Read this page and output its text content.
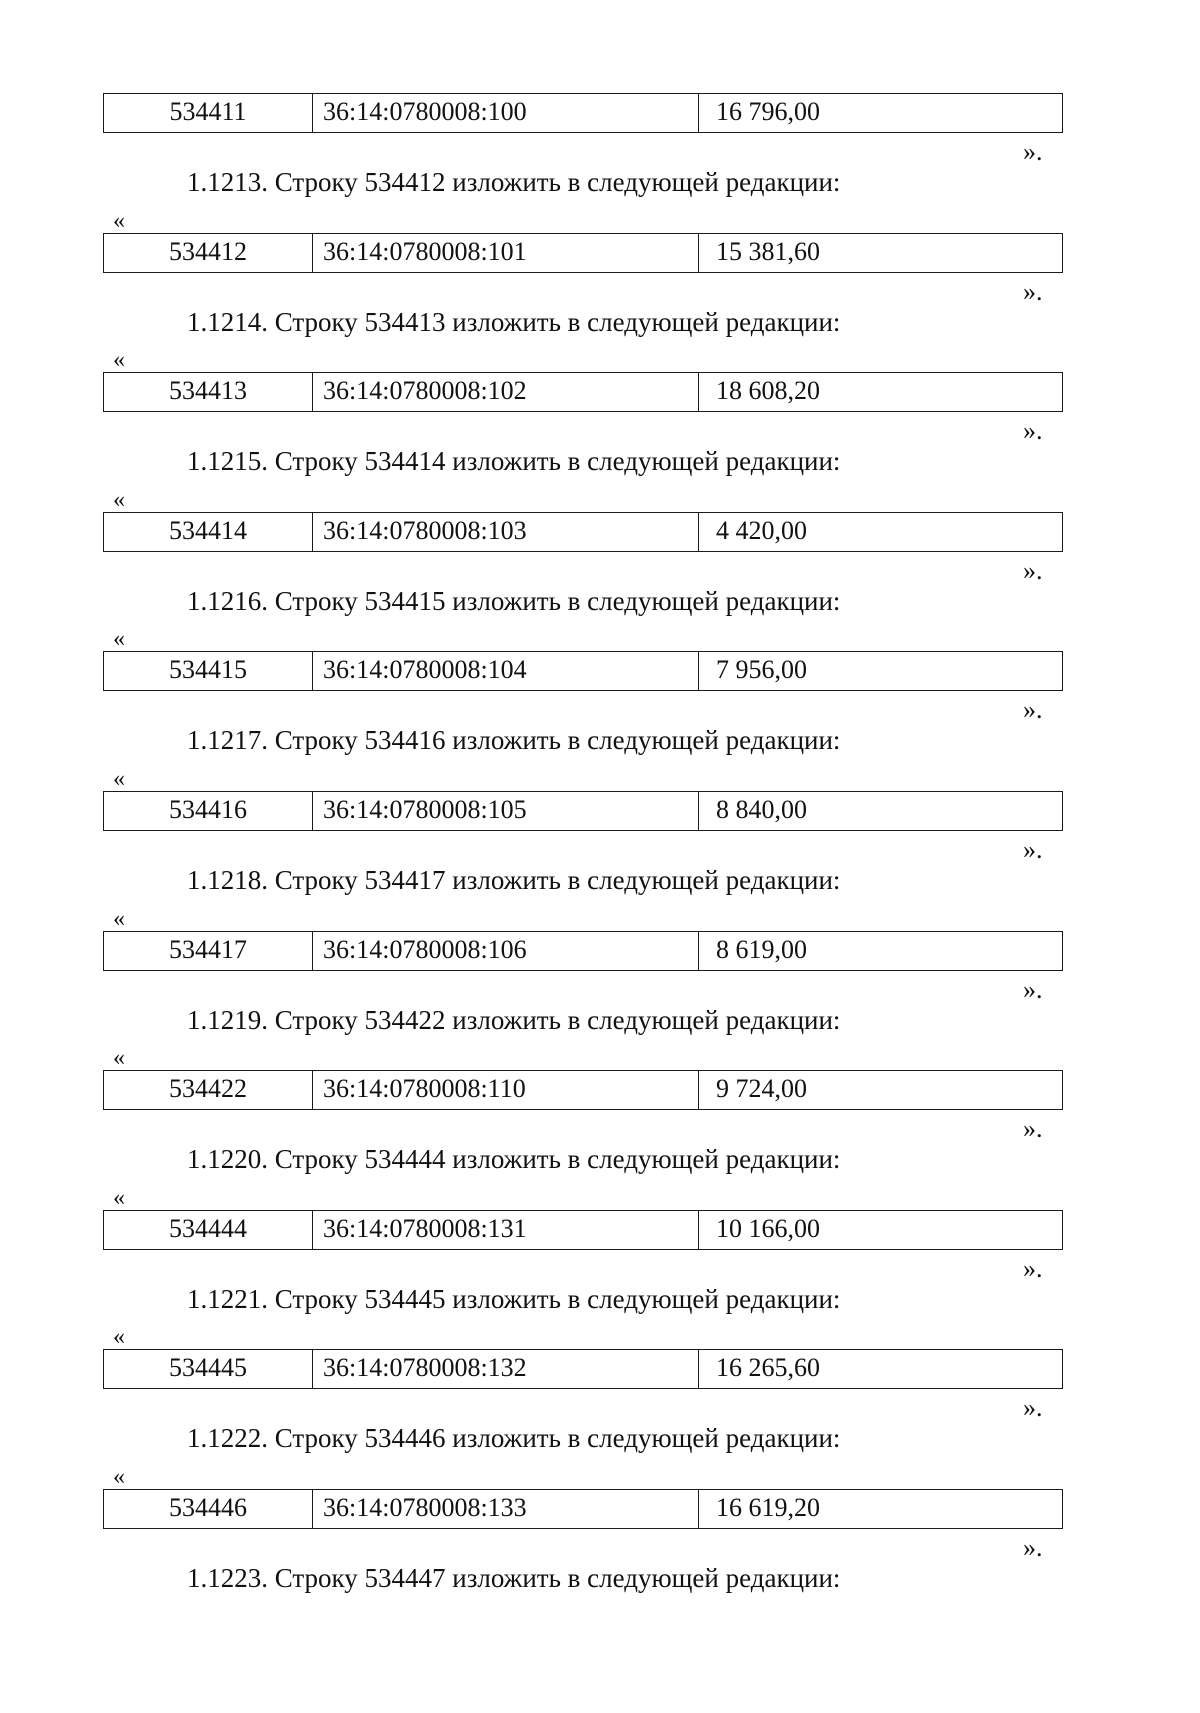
534411	36:14:0780008:100	16 796,00
».
1.1213. Строку 534412 изложить в следующей редакции:
«
534412	36:14:0780008:101	15 381,60
».
1.1214. Строку 534413 изложить в следующей редакции:
«
534413	36:14:0780008:102	18 608,20
».
1.1215. Строку 534414 изложить в следующей редакции:
«
534414	36:14:0780008:103	4 420,00
».
1.1216. Строку 534415 изложить в следующей редакции:
«
534415	36:14:0780008:104	7 956,00
».
1.1217. Строку 534416 изложить в следующей редакции:
«
534416	36:14:0780008:105	8 840,00
».
1.1218. Строку 534417 изложить в следующей редакции:
«
534417	36:14:0780008:106	8 619,00
».
1.1219. Строку 534422 изложить в следующей редакции:
«
534422	36:14:0780008:110	9 724,00
».
1.1220. Строку 534444 изложить в следующей редакции:
«
534444	36:14:0780008:131	10 166,00
».
1.1221. Строку 534445 изложить в следующей редакции:
«
534445	36:14:0780008:132	16 265,60
».
1.1222. Строку 534446 изложить в следующей редакции:
«
534446	36:14:0780008:133	16 619,20
».
1.1223. Строку 534447 изложить в следующей редакции:
